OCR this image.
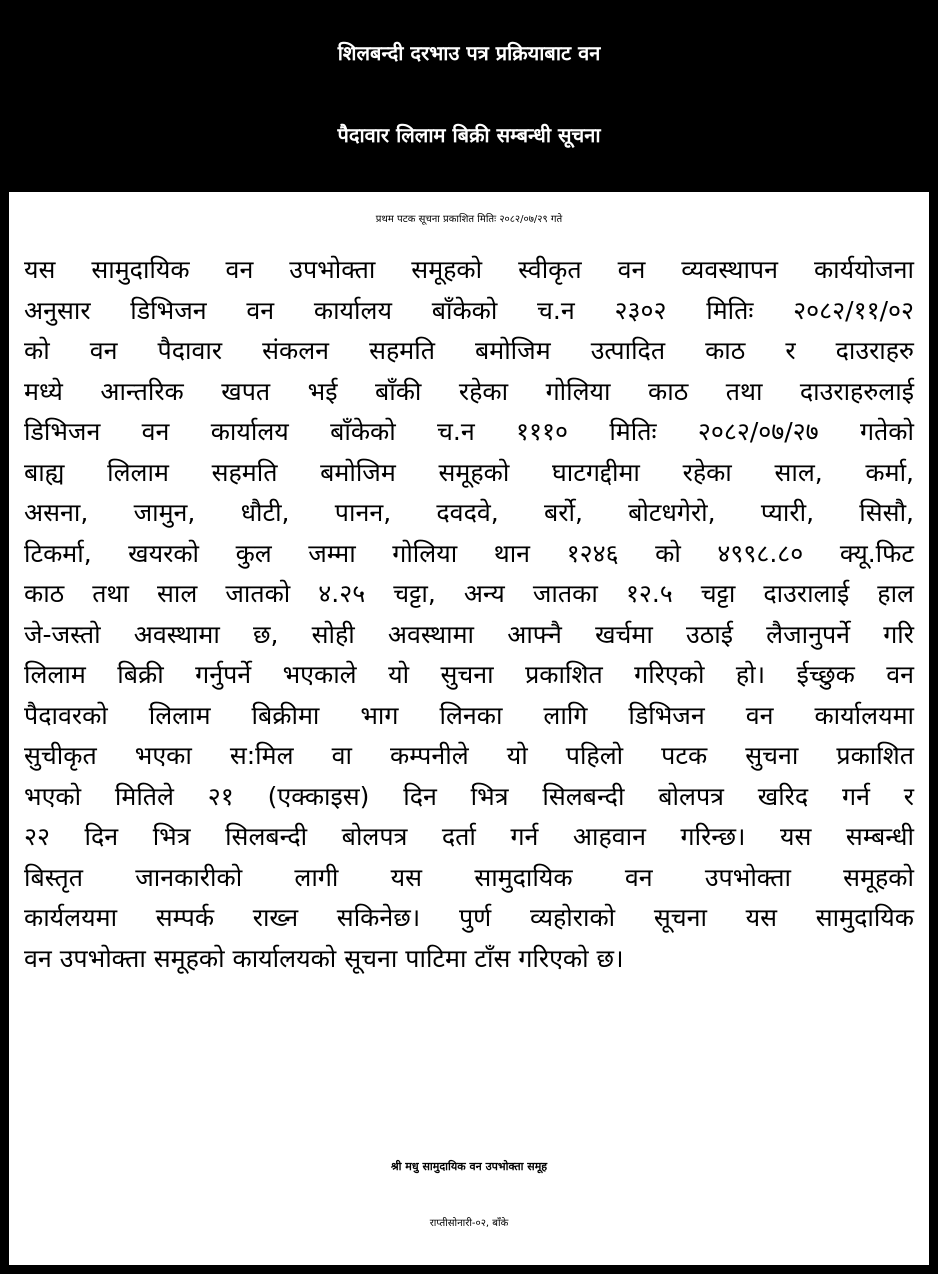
शिलबन्दी दरभाउ पत्र प्रक्रियाबाट वन
पैदावार लिलाम बिक्री सम्बन्धी सूचना
प्रथम पटक सूचना प्रकाशित मितिः २०८२/०७/२९ गते
यस सामुदायिक वन उपभोक्ता समूहको स्वीकृत वन व्यवस्थापन कार्ययोजना
अनुसार डिभिजन वन कार्यालय बाँकेको च.न २३०२ मितिः २०८२/११/०२
को वन पैदावार संकलन सहमति बमोजिम उत्पादित काठ र दाउराहरु
मध्ये आन्तरिक खपत भई बाँकी रहेका गोलिया काठ तथा दाउराहरुलाई
डिभिजन वन कार्यालय बाँकेको च.न १११० मितिः २०८२/०७/२७ गतेको
बाह्य लिलाम सहमति बमोजिम समूहको घाटगद्दीमा रहेका साल, कर्मा,
असना, जामुन, धौटी, पानन, दवदवे, बर्रो, बोटधगेरो, प्यारी, सिसौ,
टिकर्मा, खयरको कुल जम्मा गोलिया थान १२४६ को ४९९८.८० क्यू.फिट
काठ तथा साल जातको ४.२५ चट्टा, अन्य जातका १२.५ चट्टा दाउरालाई हाल
जे-जस्तो अवस्थामा छ, सोही अवस्थामा आफ्नै खर्चमा उठाई लैजानुपर्ने गरि
लिलाम बिक्री गर्नुपर्ने भएकाले यो सुचना प्रकाशित गरिएको हो। ईच्छुक वन
पैदावरको लिलाम बिक्रीमा भाग लिनका लागि डिभिजन वन कार्यालयमा
सुचीकृत भएका स:मिल वा कम्पनीले यो पहिलो पटक सुचना प्रकाशित
भएको मितिले २१ (एक्काइस) दिन भित्र सिलबन्दी बोलपत्र खरिद गर्न र
२२ दिन भित्र सिलबन्दी बोलपत्र दर्ता गर्न आहवान गरिन्छ। यस सम्बन्धी
बिस्तृत जानकारीको लागी यस सामुदायिक वन उपभोक्ता समूहको
कार्यलयमा सम्पर्क राख्न सकिनेछ। पुर्ण व्यहोराको सूचना यस सामुदायिक
वन उपभोक्ता समूहको कार्यालयको सूचना पाटिमा टाँस गरिएको छ।
श्री मधु सामुदायिक वन उपभोक्ता समूह
राप्तीसोनारी-०२, बाँके
